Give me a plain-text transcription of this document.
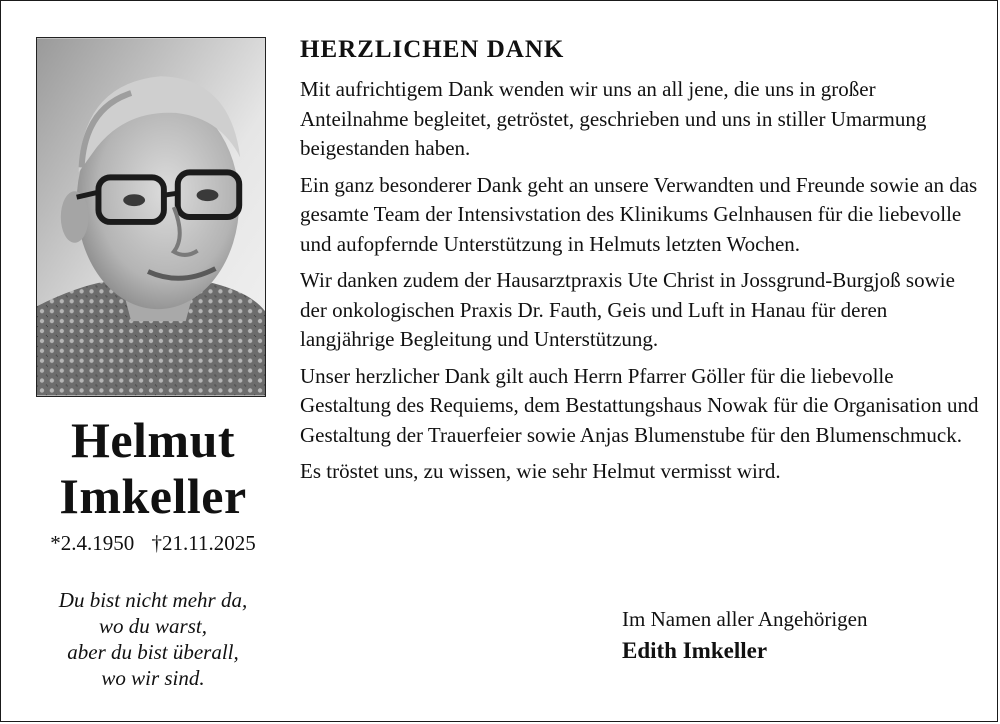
Helmut
Imkeller
*2.4.1950 †21.11.2025
Du bist nicht mehr da,
wo du warst,
aber du bist überall,
wo wir sind.
HERZLICHEN DANK

Mit aufrichtigem Dank wenden wir uns an all jene, die uns in großer Anteilnahme begleitet, getröstet, geschrieben und uns in stiller Umarmung beigestanden haben.

Ein ganz besonderer Dank geht an unsere Verwandten und Freunde sowie an das gesamte Team der Intensivstation des Klinikums Gelnhausen für die liebevolle und aufopfernde Unterstützung in Helmuts letzten Wochen.

Wir danken zudem der Hausarztpraxis Ute Christ in Jossgrund-Burgjoß sowie der onkologischen Praxis Dr. Fauth, Geis und Luft in Hanau für deren langjährige Begleitung und Unterstützung.

Unser herzlicher Dank gilt auch Herrn Pfarrer Göller für die liebevolle Gestaltung des Requiems, dem Bestattungshaus Nowak für die Organisation und Gestaltung der Trauerfeier sowie Anjas Blumenstube für den Blumenschmuck.

Es tröstet uns, zu wissen, wie sehr Helmut vermisst wird.

Im Namen aller Angehörigen
Edith Imkeller
